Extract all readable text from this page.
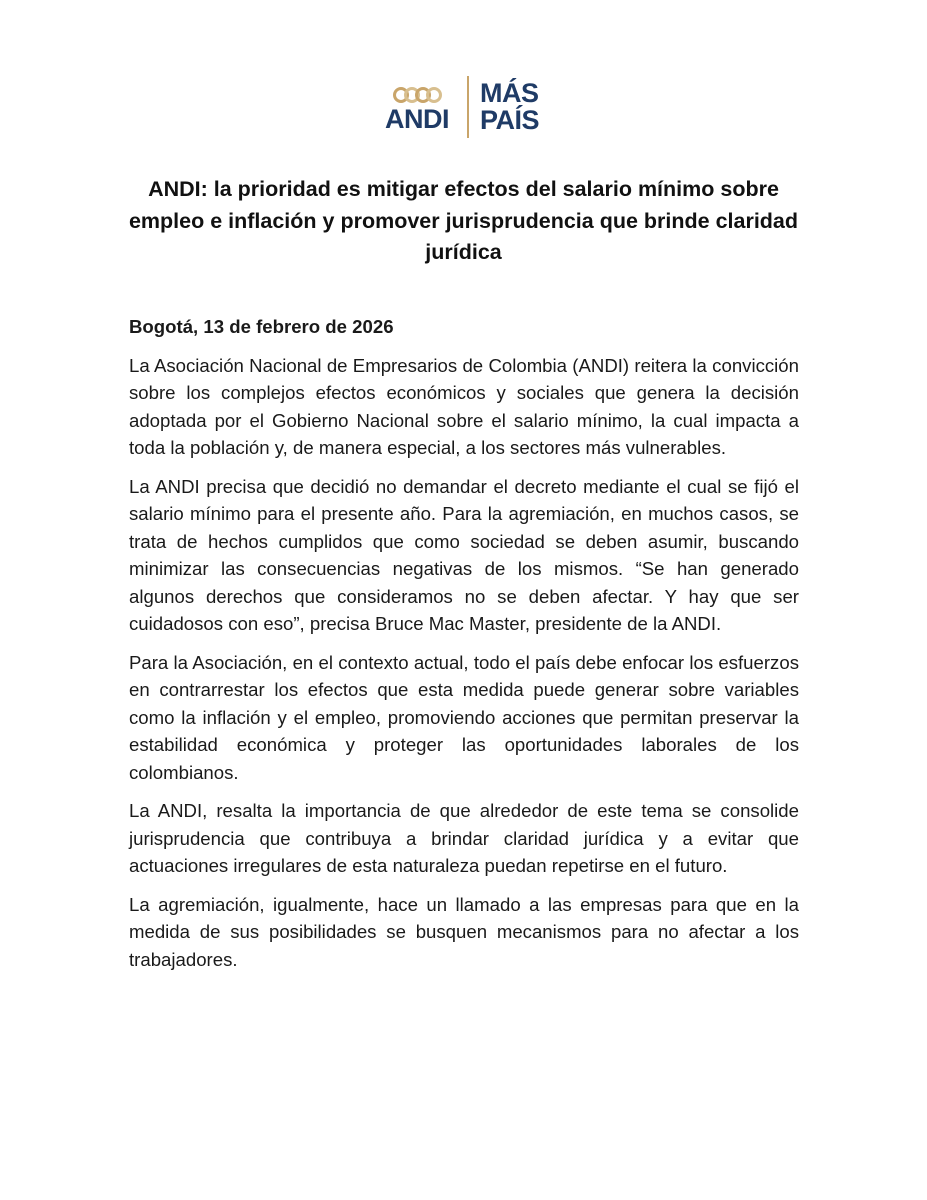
ANDI
MÁS
PAÍS
ANDI: la prioridad es mitigar efectos del salario mínimo sobre empleo e inflación y promover jurisprudencia que brinde claridad jurídica

Bogotá, 13 de febrero de 2026

La Asociación Nacional de Empresarios de Colombia (ANDI) reitera la convicción sobre los complejos efectos económicos y sociales que genera la decisión adoptada por el Gobierno Nacional sobre el salario mínimo, la cual impacta a toda la población y, de manera especial, a los sectores más vulnerables.

La ANDI precisa que decidió no demandar el decreto mediante el cual se fijó el salario mínimo para el presente año. Para la agremiación, en muchos casos, se trata de hechos cumplidos que como sociedad se deben asumir, buscando minimizar las consecuencias negativas de los mismos. “Se han generado algunos derechos que consideramos no se deben afectar. Y hay que ser cuidadosos con eso”, precisa Bruce Mac Master, presidente de la ANDI.

Para la Asociación, en el contexto actual, todo el país debe enfocar los esfuerzos en contrarrestar los efectos que esta medida puede generar sobre variables como la inflación y el empleo, promoviendo acciones que permitan preservar la estabilidad económica y proteger las oportunidades laborales de los colombianos.

La ANDI, resalta la importancia de que alrededor de este tema se consolide jurisprudencia que contribuya a brindar claridad jurídica y a evitar que actuaciones irregulares de esta naturaleza puedan repetirse en el futuro.

La agremiación, igualmente, hace un llamado a las empresas para que en la medida de sus posibilidades se busquen mecanismos para no afectar a los trabajadores.
